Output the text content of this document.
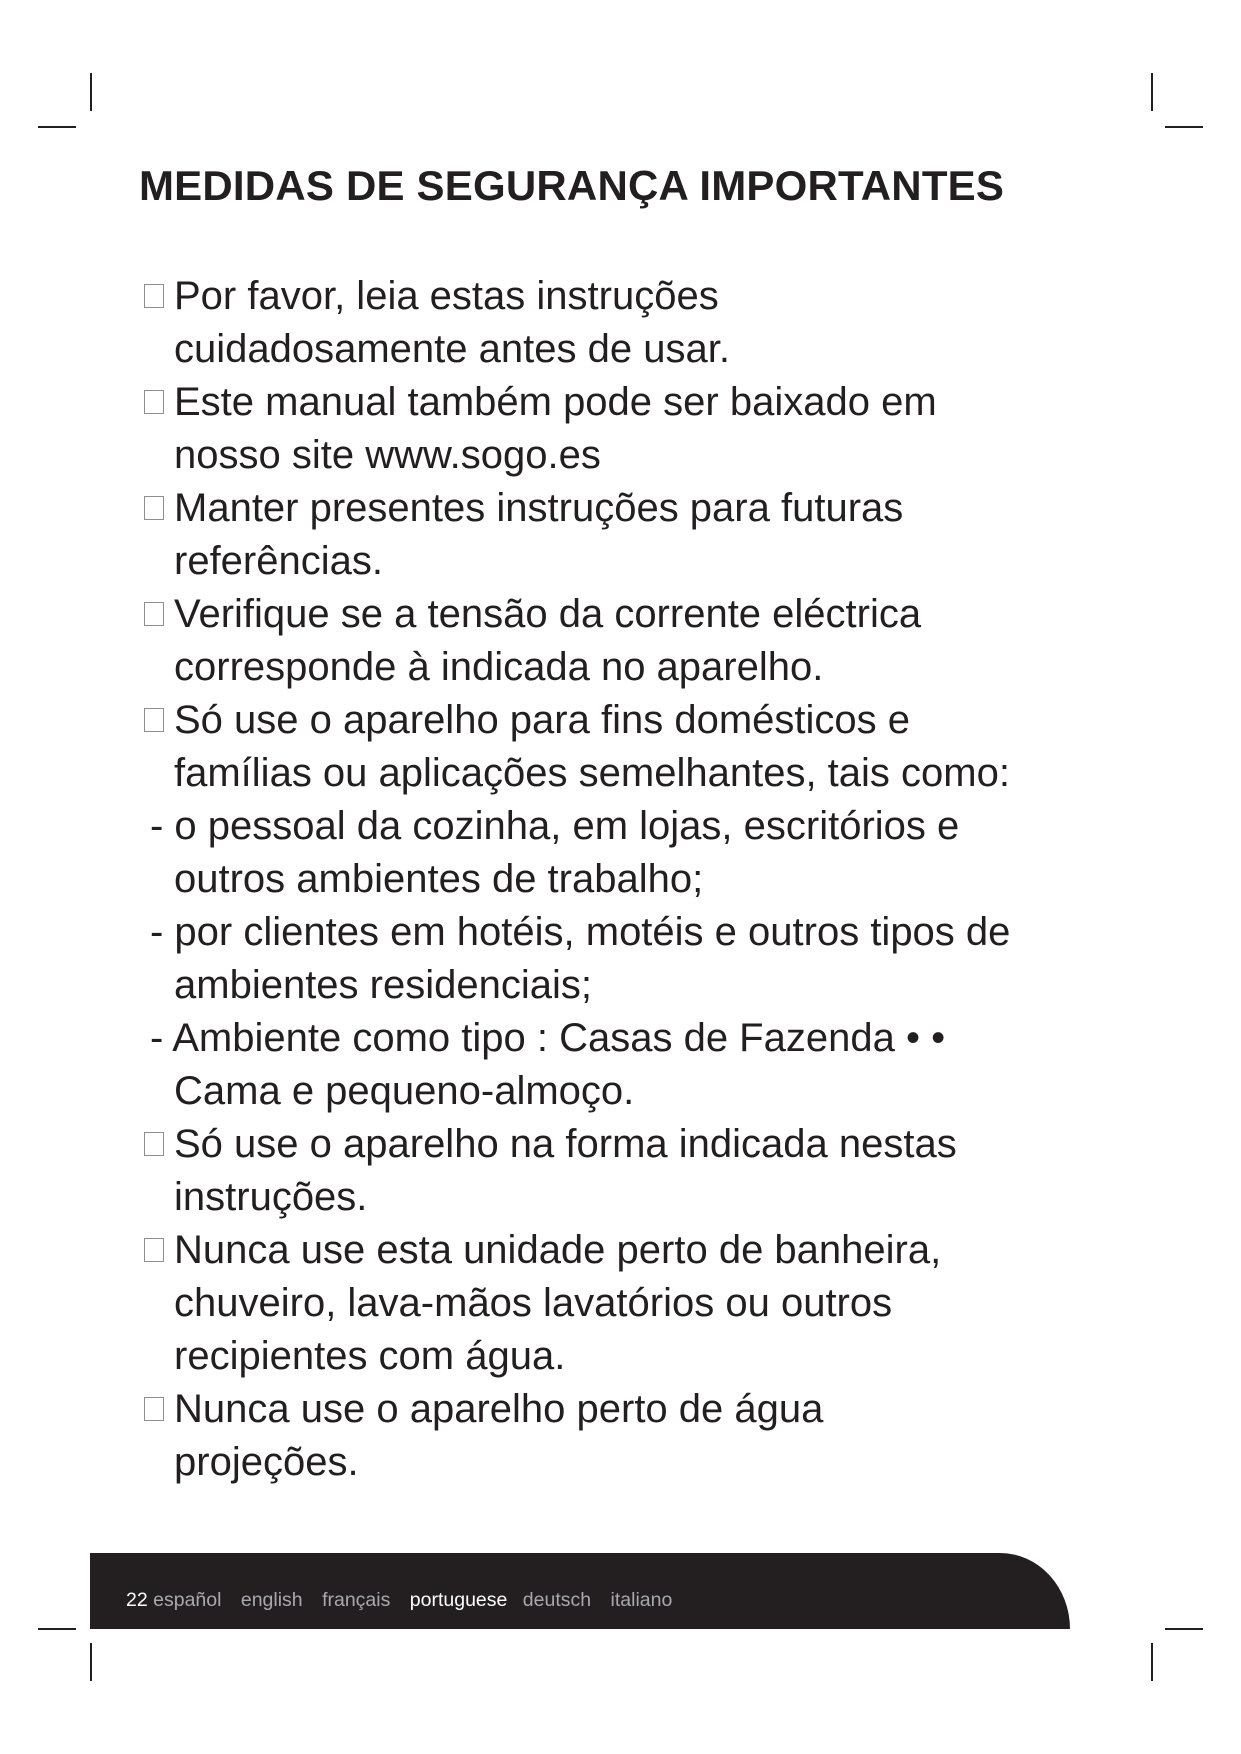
MEDIDAS DE SEGURANÇA IMPORTANTES
Por favor, leia estas instruções
cuidadosamente antes de usar.
Este manual também pode ser baixado em
nosso site www.sogo.es
Manter presentes instruções para futuras
referências.
Verifique se a tensão da corrente eléctrica
corresponde à indicada no aparelho.
Só use o aparelho para fins domésticos e
famílias ou aplicações semelhantes, tais como:
- o pessoal da cozinha, em lojas, escritórios e
outros ambientes de trabalho;
- por clientes em hotéis, motéis e outros tipos de
ambientes residenciais;
- Ambiente como tipo : Casas de Fazenda • •
Cama e pequeno-almoço.
Só use o aparelho na forma indicada nestas
instruções.
Nunca use esta unidade perto de banheira,
chuveiro, lava-mãos lavatórios ou outros
recipientes com água.
Nunca use o aparelho perto de água
projeções.
22 español english français portuguese deutsch italiano
